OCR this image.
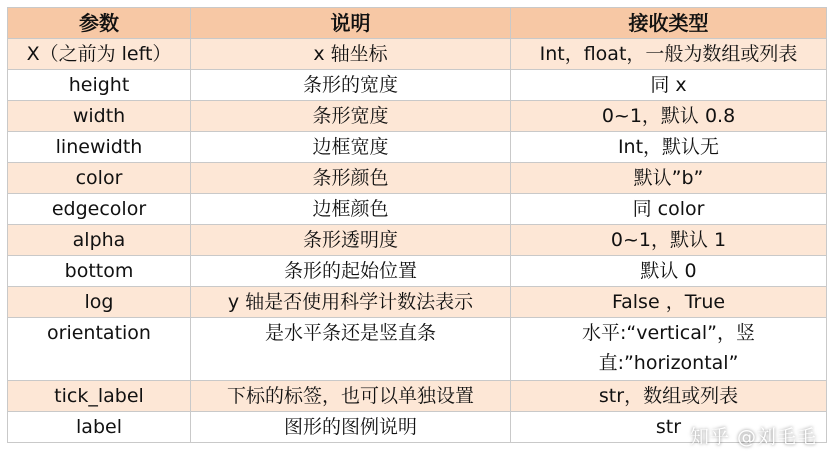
参数	说明	接收类型
X（之前为 left）	x 轴坐标	Int，float，一般为数组或列表
height	条形的宽度	同 x
width	条形宽度	0~1，默认 0.8
linewidth	边框宽度	Int，默认无
color	条形颜色	默认”b”
edgecolor	边框颜色	同 color
alpha	条形透明度	0~1，默认 1
bottom	条形的起始位置	默认 0
log	y 轴是否使用科学计数法表示	False ，True
orientation	是水平条还是竖直条	水平:“vertical”，竖直:”horizontal”
tick_label	下标的标签，也可以单独设置	str，数组或列表
label	图形的图例说明	str 知乎 @刘毛毛
